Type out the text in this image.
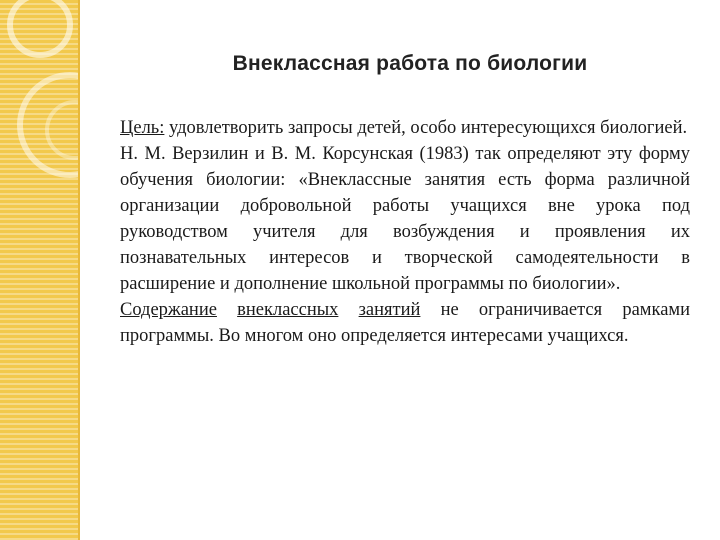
Внеклассная работа по биологии

Цель: удовлетворить запросы детей, особо интересующихся биологией.

Н. М. Верзилин и В. М. Корсунская (1983) так определяют эту форму обучения биологии: «Внеклассные занятия есть форма различной организации добровольной работы учащихся вне урока под руководством учителя для возбуждения и проявления их познавательных интересов и творческой самодеятельности в расширение и дополнение школьной программы по биологии».

Содержание внеклассных занятий не ограничивается рамками программы. Во многом оно определяется интересами учащихся.
